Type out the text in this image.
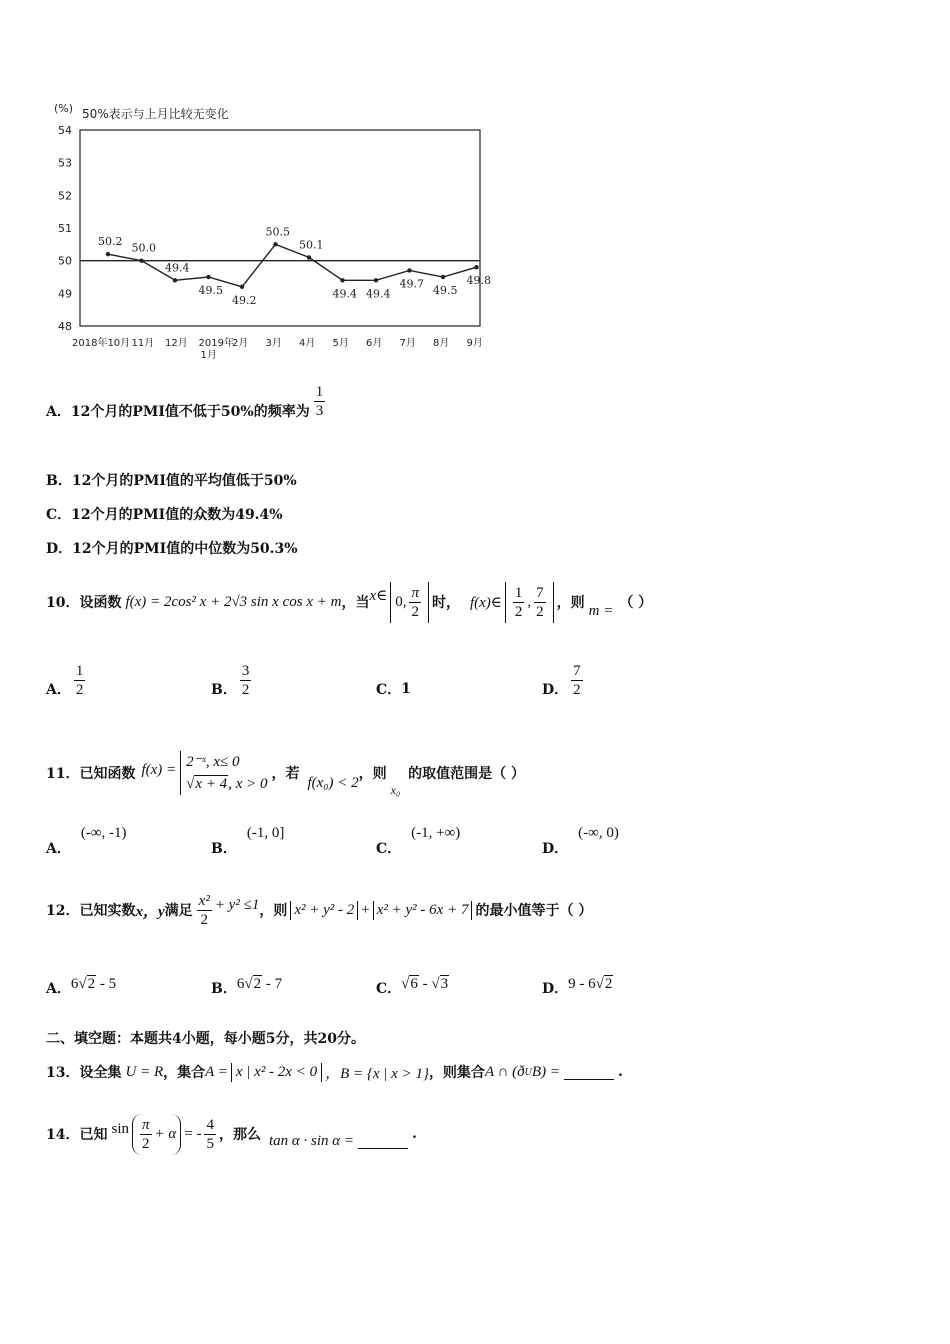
(%) 50%表示与上月比较无变化
54
53
52
51
50
49
48
50.2
50.0
49.4
49.5
49.2
50.5
50.1
49.4 49.4
49.7
49.5
49.8
2018年10月 11月 12月 2019年
2月 3月 4月 5月 6月 7月 8月 9月
1月
A．12个月的PMI值不低于50%的频率为 $\frac{1}{3}$
B．12个月的PMI值的平均值低于50%
C．12个月的PMI值的众数为49.4%
D．12个月的PMI值的中位数为50.3%
10．设函数 f(x) = 2cos² x + 2√3 sin x cos x + m ，当 x∈ 0, $\frac{\pi}{2}$ 时， f(x)∈ $\frac{1}{2}$ , $\frac{7}{2}$ ，则 m = （ ）
A． $\frac{1}{2}$	B． $\frac{3}{2}$	C． 1	D． $\frac{7}{2}$
11．已知函数 f(x) = 2⁻ˣ, x≤ 0
√x + 4, x > 0
，若
f(x₀) < 2
，则
x₀
的取值范围是（ ）
A．
(-∞, -1)
B．
(-1, 0]
C．
(-1, +∞)
D．
(-∞, 0)
12．已知实数 x，y 满足 $\frac{\text{x²}}{2} + y^2 \le 1$ ，则 x² + y² - 2 + x² + y² - 6x + 7 的最小值等于（ ）
A． 6 √ 2 - 5	B． 6 √ 2 - 7	C． √ 6 - √ 3	D． 9 - 6 √ 2
二、填空题：本题共4小题，每小题5分，共20分。
13．设全集 U = R ，集合 A = x | x² - 2x < 0 ，B = {x | x > 1} ，则集合 A ∩ (ð U B) =	.
14．已知 $\sin \frac{\pi}{2} + \alpha$ = - $\frac{4}{5}$ ，那么 tan α · sin α =	.
